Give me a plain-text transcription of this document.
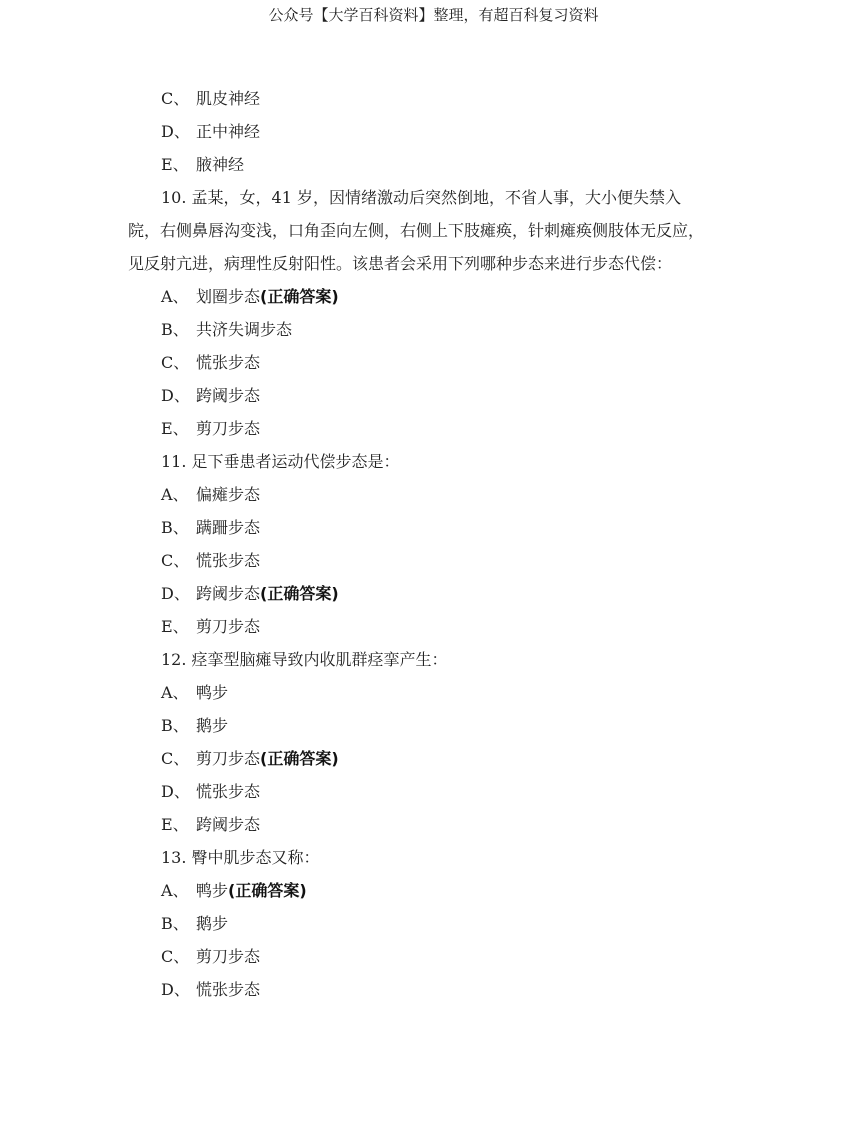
公众号【大学百科资料】整理，有超百科复习资料
C、 肌皮神经
D、 正中神经
E、 腋神经
10. 孟某，女，41 岁，因情绪激动后突然倒地，不省人事，大小便失禁入
院，右侧鼻唇沟变浅，口角歪向左侧，右侧上下肢瘫痪，针刺瘫痪侧肢体无反应，
见反射亢进，病理性反射阳性。该患者会采用下列哪种步态来进行步态代偿：
A、 划圈步态(正确答案)
B、 共济失调步态
C、 慌张步态
D、 跨阈步态
E、 剪刀步态
11. 足下垂患者运动代偿步态是：
A、 偏瘫步态
B、 蹒跚步态
C、 慌张步态
D、 跨阈步态(正确答案)
E、 剪刀步态
12. 痉挛型脑瘫导致内收肌群痉挛产生：
A、 鸭步
B、 鹅步
C、 剪刀步态(正确答案)
D、 慌张步态
E、 跨阈步态
13. 臀中肌步态又称：
A、 鸭步(正确答案)
B、 鹅步
C、 剪刀步态
D、 慌张步态
